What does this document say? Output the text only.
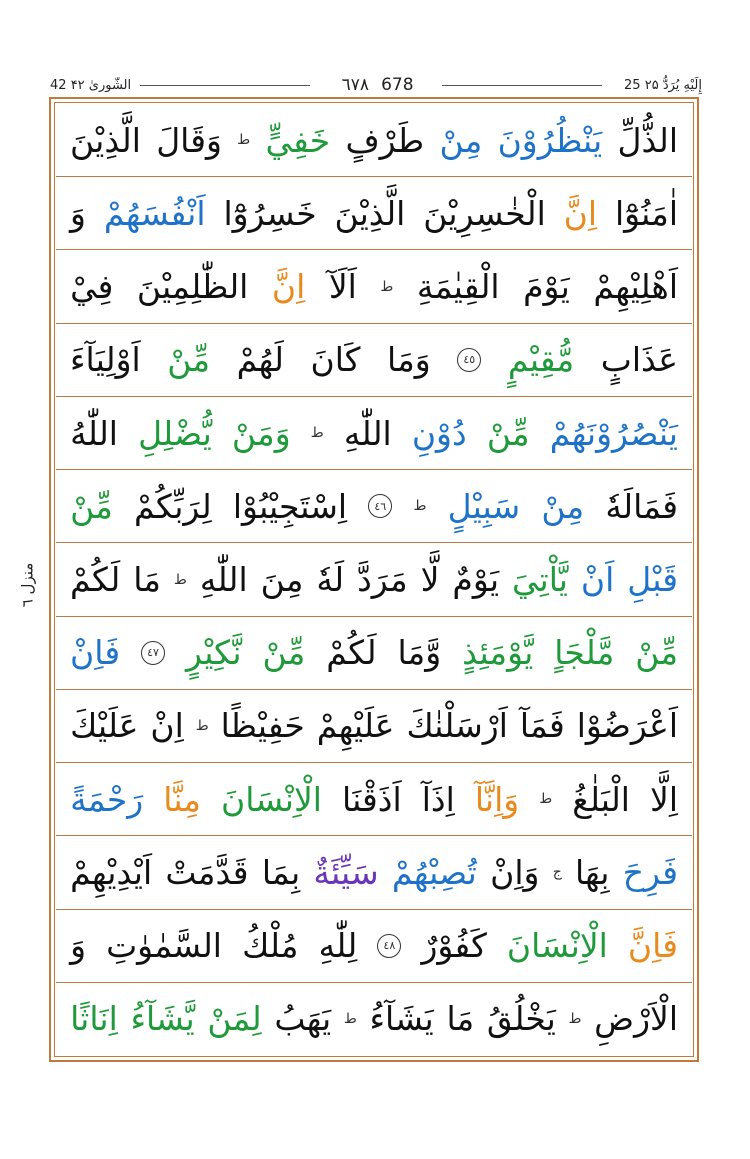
42 الشّوریٰ ۴۲	٦٧٨ 678	25 إِلَيْهِ يُرَدُّ ۲۵
الذُّلِّ
يَنْظُرُوْنَ
مِنْ
طَرْفٍ
خَفِيٍّ
ط
وَقَالَ
الَّذِيْنَ
اٰمَنُوْٓا
اِنَّ
الْخٰسِرِيْنَ
الَّذِيْنَ
خَسِرُوْٓا
اَنْفُسَهُمْ
وَ
اَهْلِيْهِمْ
يَوْمَ
الْقِيٰمَةِ
ط
اَلَآ
اِنَّ
الظّٰلِمِيْنَ
فِيْ
عَذَابٍ
مُّقِيْمٍ
٤٥
وَمَا
كَانَ
لَهُمْ
مِّنْ
اَوْلِيَآءَ
يَنْصُرُوْنَهُمْ
مِّنْ
دُوْنِ
اللّٰهِ
ط
وَمَنْ
يُّضْلِلِ
اللّٰهُ
فَمَالَهٗ
مِنْ
سَبِيْلٍ
ط
٤٦
اِسْتَجِيْبُوْا
لِرَبِّكُمْ
مِّنْ
قَبْلِ
اَنْ
يَّاْتِيَ
يَوْمٌ
لَّا
مَرَدَّ
لَهٗ
مِنَ
اللّٰهِ
ط
مَا
لَكُمْ
مِّنْ
مَّلْجَاٍ
يَّوْمَئِذٍ
وَّمَا
لَكُمْ
مِّنْ
نَّكِيْرٍ
٤٧
فَاِنْ
اَعْرَضُوْا
فَمَآ
اَرْسَلْنٰكَ
عَلَيْهِمْ
حَفِيْظًا
ط
اِنْ
عَلَيْكَ
اِلَّا
الْبَلٰغُ
ط
وَاِنَّآ
اِذَآ
اَذَقْنَا
الْاِنْسَانَ
مِنَّا
رَحْمَةً
فَرِحَ
بِهَا
ج
وَاِنْ
تُصِبْهُمْ
سَيِّئَةٌ
بِمَا
قَدَّمَتْ
اَيْدِيْهِمْ
فَاِنَّ
الْاِنْسَانَ
كَفُوْرٌ
٤٨
لِلّٰهِ
مُلْكُ
السَّمٰوٰتِ
وَ
الْاَرْضِ
ط
يَخْلُقُ
مَا
يَشَآءُ
ط
يَهَبُ
لِمَنْ
يَّشَآءُ
اِنَاثًا
منزل ٦
